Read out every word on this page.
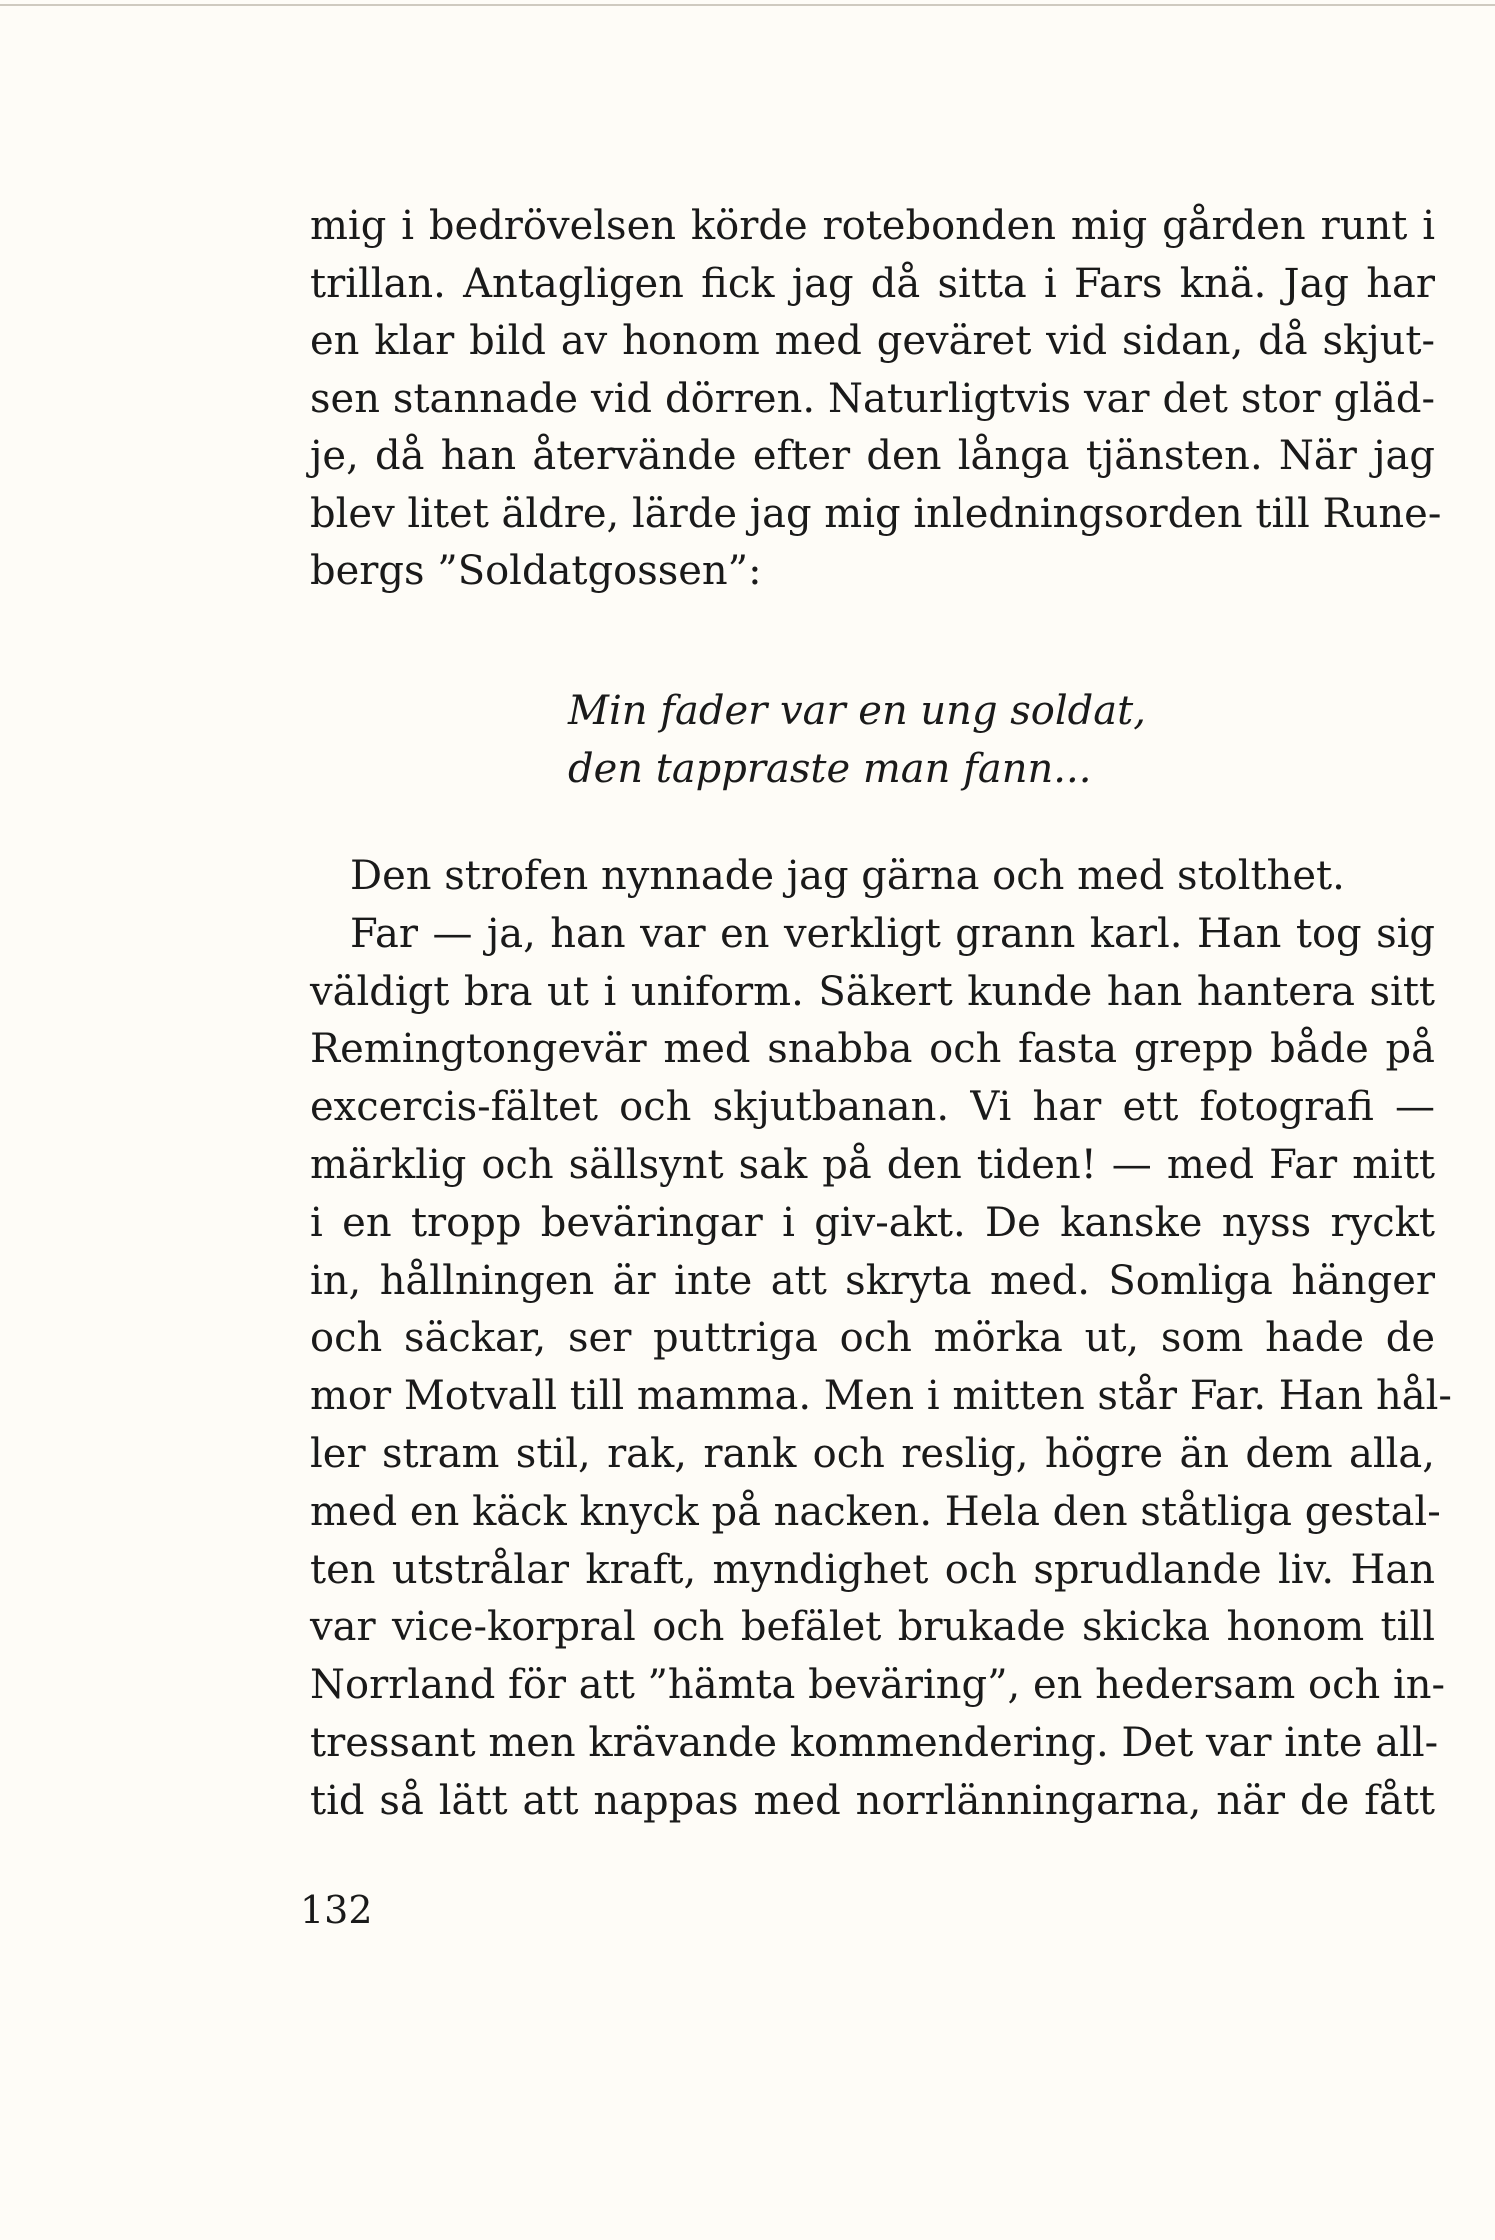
mig i bedrövelsen körde rotebonden mig gården runt i
trillan. Antagligen fick jag då sitta i Fars knä. Jag har
en klar bild av honom med geväret vid sidan, då skjut-
sen stannade vid dörren. Naturligtvis var det stor gläd-
je, då han återvände efter den långa tjänsten. När jag
blev litet äldre, lärde jag mig inledningsorden till Rune-
bergs ”Soldatgossen”:
Min fader var en ung soldat,
den tappraste man fann...
Den strofen nynnade jag gärna och med stolthet.
Far — ja, han var en verkligt grann karl. Han tog sig
väldigt bra ut i uniform. Säkert kunde han hantera sitt
Remingtongevär med snabba och fasta grepp både på
excercis-fältet och skjutbanan. Vi har ett fotografi —
märklig och sällsynt sak på den tiden! — med Far mitt
i en tropp beväringar i giv-akt. De kanske nyss ryckt
in, hållningen är inte att skryta med. Somliga hänger
och säckar, ser puttriga och mörka ut, som hade de
mor Motvall till mamma. Men i mitten står Far. Han hål-
ler stram stil, rak, rank och reslig, högre än dem alla,
med en käck knyck på nacken. Hela den ståtliga gestal-
ten utstrålar kraft, myndighet och sprudlande liv. Han
var vice-korpral och befälet brukade skicka honom till
Norrland för att ”hämta beväring”, en hedersam och in-
tressant men krävande kommendering. Det var inte all-
tid så lätt att nappas med norrlänningarna, när de fått
132
